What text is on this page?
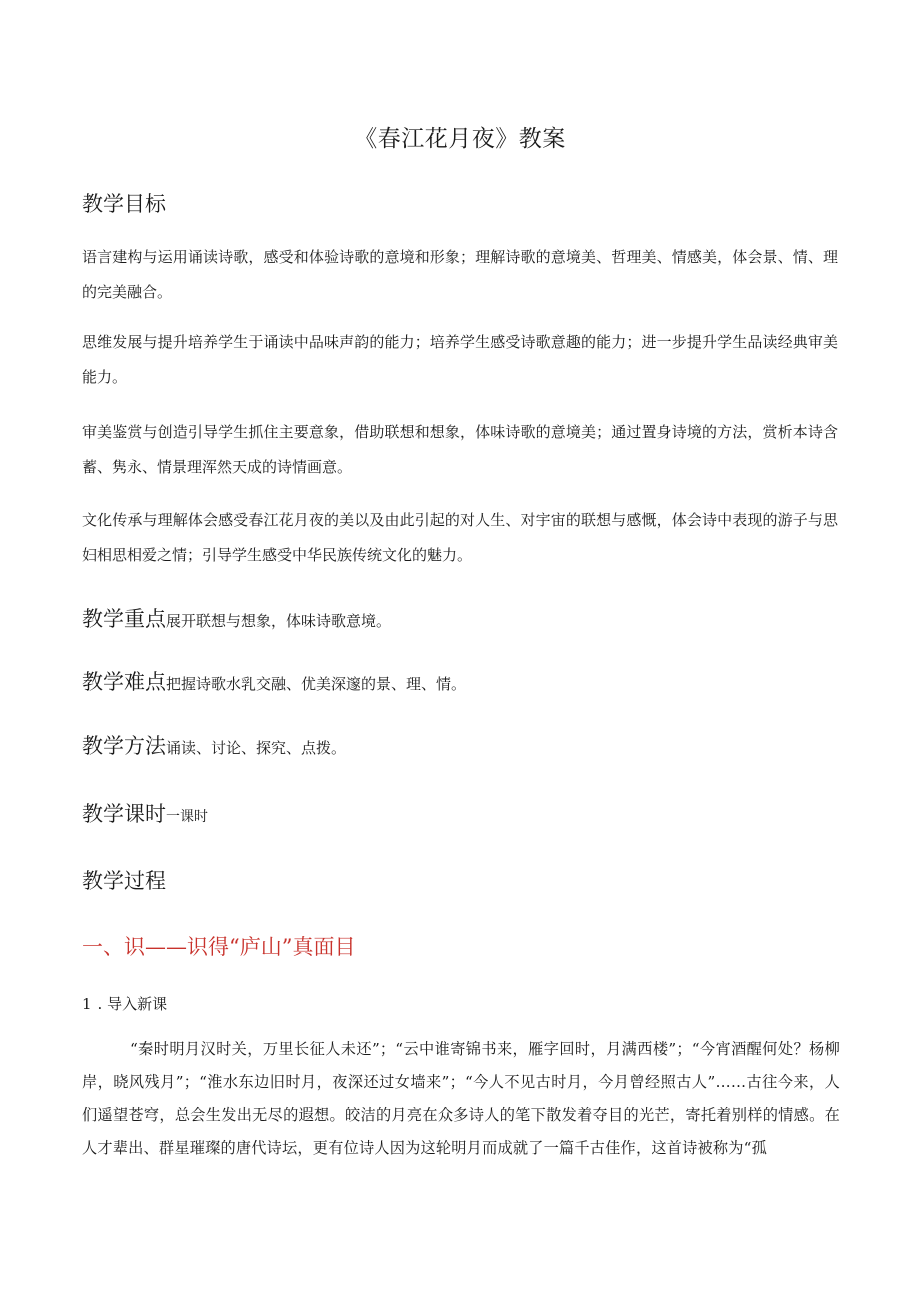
《春江花月夜》教案
教学目标
语言建构与运用诵读诗歌，感受和体验诗歌的意境和形象；理解诗歌的意境美、哲理美、情感美，体会景、情、理的完美融合。
思维发展与提升培养学生于诵读中品味声韵的能力；培养学生感受诗歌意趣的能力；进一步提升学生品读经典审美能力。
审美鉴赏与创造引导学生抓住主要意象，借助联想和想象，体味诗歌的意境美；通过置身诗境的方法，赏析本诗含蓄、隽永、情景理浑然天成的诗情画意。
文化传承与理解体会感受春江花月夜的美以及由此引起的对人生、对宇宙的联想与感慨，体会诗中表现的游子与思妇相思相爱之情；引导学生感受中华民族传统文化的魅力。
教学重点展开联想与想象，体味诗歌意境。
教学难点把握诗歌水乳交融、优美深邃的景、理、情。
教学方法诵读、讨论、探究、点拨。
教学课时一课时
教学过程
一、识——识得“庐山”真面目
1 . 导入新课
“秦时明月汉时关，万里长征人未还”；“云中谁寄锦书来，雁字回时，月满西楼”；“今宵酒醒何处？杨柳岸，晓风残月”；“淮水东边旧时月，夜深还过女墙来”；“今人不见古时月，今月曾经照古人”……古往今来，人们遥望苍穹，总会生发出无尽的遐想。皎洁的月亮在众多诗人的笔下散发着夺目的光芒，寄托着别样的情感。在人才辈出、群星璀璨的唐代诗坛，更有位诗人因为这轮明月而成就了一篇千古佳作，这首诗被称为“孤
